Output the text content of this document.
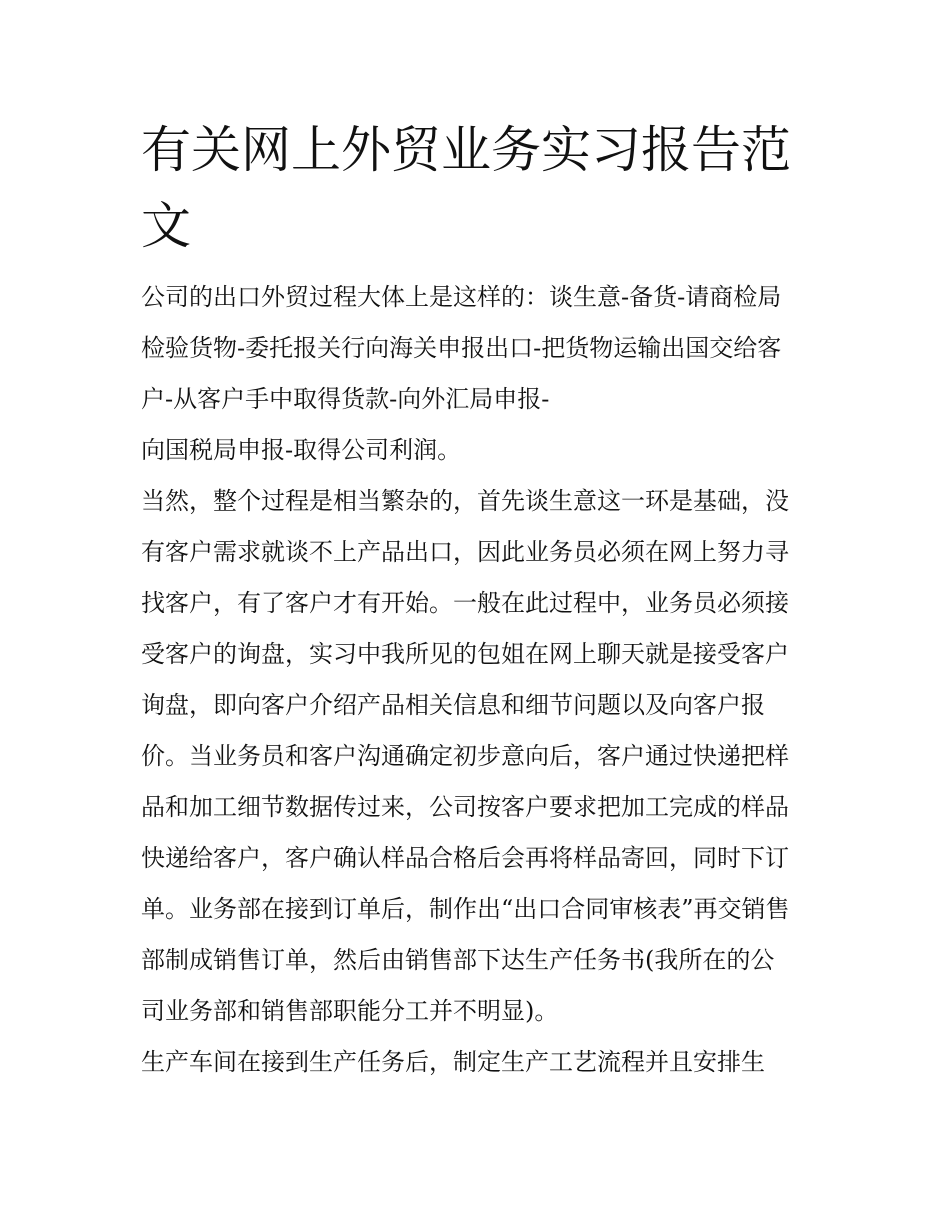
有关网上外贸业务实习报告范
文

公司的出口外贸过程大体上是这样的：谈生意-备货-请商检局
检验货物-委托报关行向海关申报出口-把货物运输出国交给客
户-从客户手中取得货款-向外汇局申报-

向国税局申报-取得公司利润。

当然，整个过程是相当繁杂的，首先谈生意这一环是基础，没
有客户需求就谈不上产品出口，因此业务员必须在网上努力寻
找客户，有了客户才有开始。一般在此过程中，业务员必须接
受客户的询盘，实习中我所见的包姐在网上聊天就是接受客户
询盘，即向客户介绍产品相关信息和细节问题以及向客户报
价。当业务员和客户沟通确定初步意向后，客户通过快递把样
品和加工细节数据传过来，公司按客户要求把加工完成的样品
快递给客户，客户确认样品合格后会再将样品寄回，同时下订
单。业务部在接到订单后，制作出“出口合同审核表”再交销售
部制成销售订单，然后由销售部下达生产任务书(我所在的公
司业务部和销售部职能分工并不明显)。

生产车间在接到生产任务后，制定生产工艺流程并且安排生
